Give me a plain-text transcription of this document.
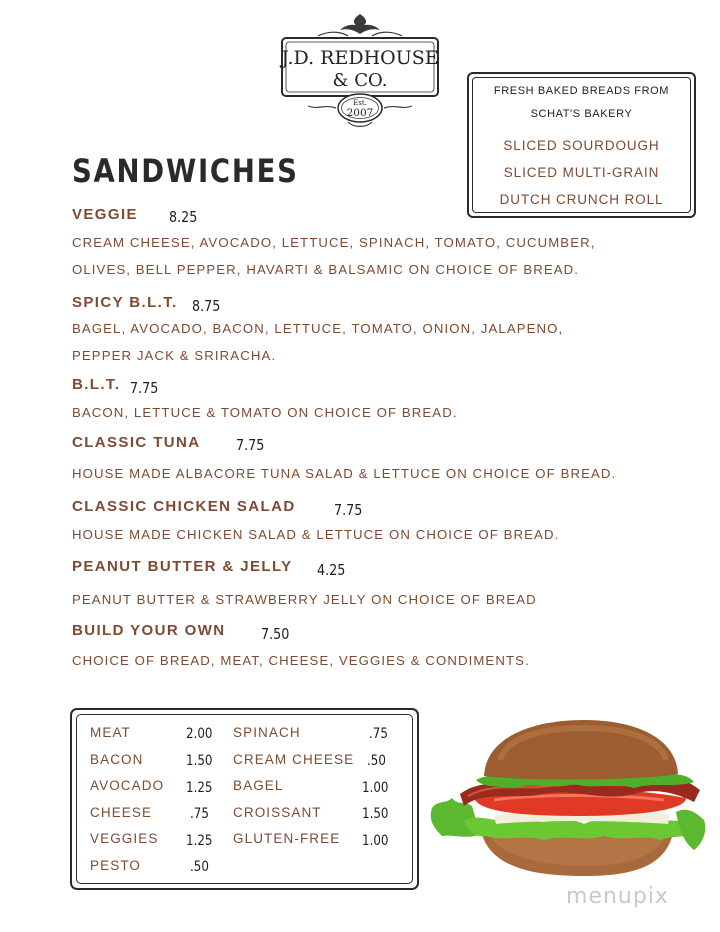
J.D. REDHOUSE
& CO.
Est.
2007
FRESH BAKED BREADS FROM
SCHAT'S BAKERY
SLICED SOURDOUGH
SLICED MULTI-GRAIN
DUTCH CRUNCH ROLL
SANDWICHES
VEGGIE 8.25
CREAM CHEESE, AVOCADO, LETTUCE, SPINACH, TOMATO, CUCUMBER,
OLIVES, BELL PEPPER, HAVARTI & BALSAMIC ON CHOICE OF BREAD.
SPICY B.L.T. 8.75
BAGEL, AVOCADO, BACON, LETTUCE, TOMATO, ONION, JALAPENO,
PEPPER JACK & SRIRACHA.
B.L.T. 7.75
BACON, LETTUCE & TOMATO ON CHOICE OF BREAD.
CLASSIC TUNA 7.75
HOUSE MADE ALBACORE TUNA SALAD & LETTUCE ON CHOICE OF BREAD.
CLASSIC CHICKEN SALAD	7.75
HOUSE MADE CHICKEN SALAD & LETTUCE ON CHOICE OF BREAD.
PEANUT BUTTER & JELLY 4.25
PEANUT BUTTER & STRAWBERRY JELLY ON CHOICE OF BREAD
BUILD YOUR OWN 7.50
CHOICE OF BREAD, MEAT, CHEESE, VEGGIES & CONDIMENTS.
MEAT	2.00
BACON	1.50
AVOCADO 1.25
CHEESE	.75
VEGGIES 1.25
PESTO	.50
SPINACH	.75
CREAM CHEESE .50
BAGEL	1.00
CROISSANT	1.50
GLUTEN-FREE 1.00
menupix
